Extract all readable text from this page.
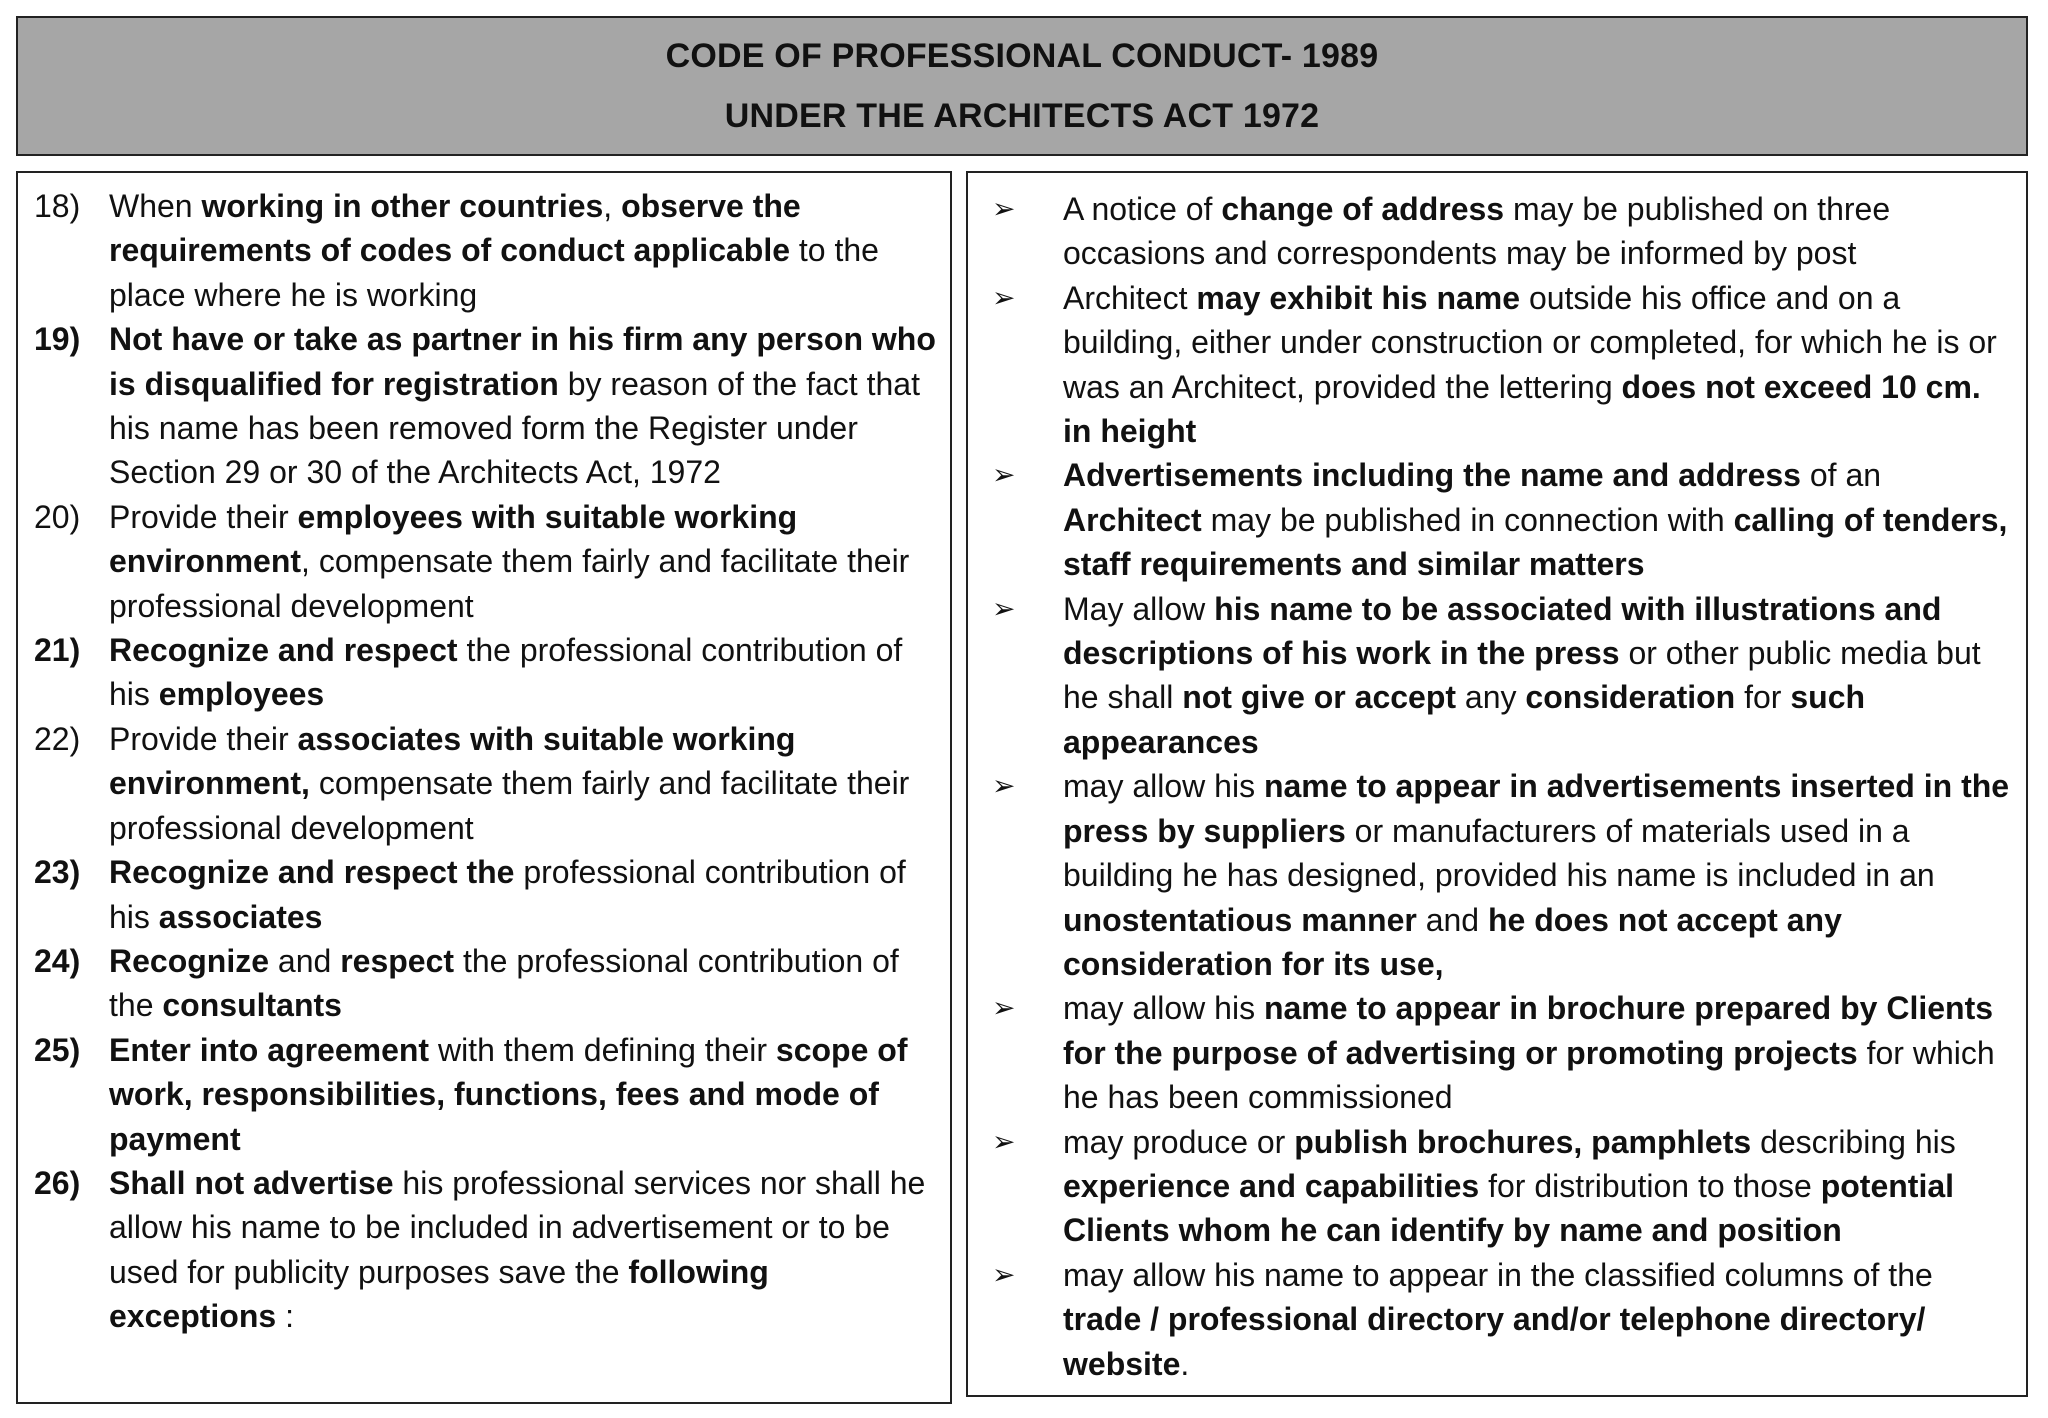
CODE OF PROFESSIONAL CONDUCT- 1989
UNDER THE ARCHITECTS ACT 1972
18) When working in other countries, observe the requirements of codes of conduct applicable to the place where he is working
19) Not have or take as partner in his firm any person who is disqualified for registration by reason of the fact that his name has been removed form the Register under Section 29 or 30 of the Architects Act, 1972
20) Provide their employees with suitable working environment, compensate them fairly and facilitate their professional development
21) Recognize and respect the professional contribution of his employees
22) Provide their associates with suitable working environment, compensate them fairly and facilitate their professional development
23) Recognize and respect the professional contribution of his associates
24) Recognize and respect the professional contribution of the consultants
25) Enter into agreement with them defining their scope of work, responsibilities, functions, fees and mode of payment
26) Shall not advertise his professional services nor shall he allow his name to be included in advertisement or to be used for publicity purposes save the following exceptions :
➢	A notice of change of address may be published on three occasions and correspondents may be informed by post
➢	Architect may exhibit his name outside his office and on a building, either under construction or completed, for which he is or was an Architect, provided the lettering does not exceed 10 cm. in height
➢	Advertisements including the name and address of an Architect may be published in connection with calling of tenders, staff requirements and similar matters
➢	May allow his name to be associated with illustrations and descriptions of his work in the press or other public media but he shall not give or accept any consideration for such appearances
➢	may allow his name to appear in advertisements inserted in the press by suppliers or manufacturers of materials used in a building he has designed, provided his name is included in an unostentatious manner and he does not accept any consideration for its use,
➢	may allow his name to appear in brochure prepared by Clients for the purpose of advertising or promoting projects for which he has been commissioned
➢	may produce or publish brochures, pamphlets describing his experience and capabilities for distribution to those potential Clients whom he can identify by name and position
➢	may allow his name to appear in the classified columns of the trade / professional directory and/or telephone directory/ website.
